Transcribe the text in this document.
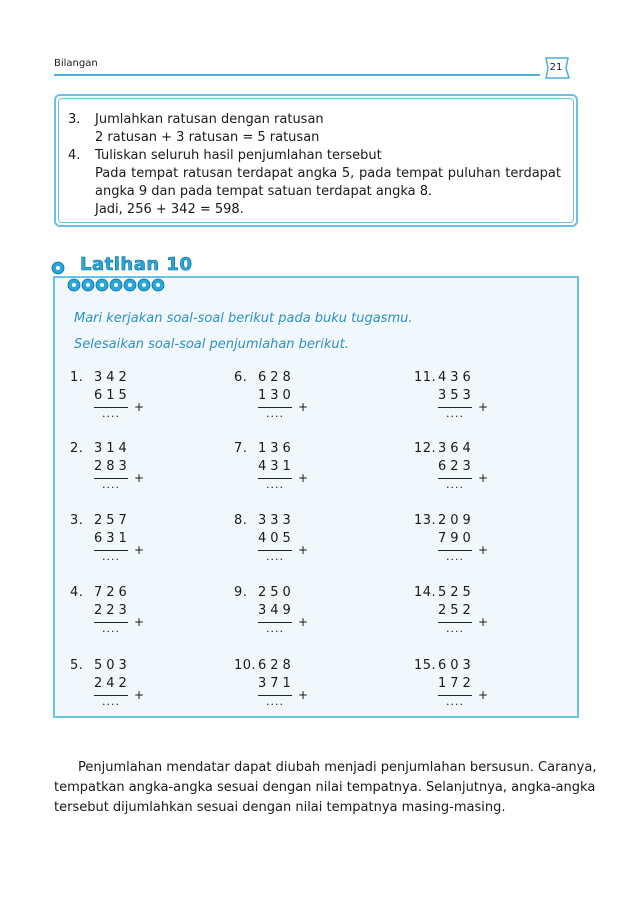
Bilangan	21
3. Jumlahkan ratusan dengan ratusan
2 ratusan + 3 ratusan = 5 ratusan
4. Tuliskan seluruh hasil penjumlahan tersebut
Pada tempat ratusan terdapat angka 5, pada tempat puluhan terdapat
angka 9 dan pada tempat satuan terdapat angka 8.
Jadi, 256 + 342 = 598.
Latihan 10
Mari kerjakan soal-soal berikut pada buku tugasmu.
Selesaikan soal-soal penjumlahan berikut.
1. 342
615
+
....
2. 314
283
+
....
3. 257
631
+
....
4. 726
223
+
....
5. 503
242
+
....
6. 628
130
+
....
7. 136
431
+
....
8. 333
405
+
....
9. 250
349
+
....
10. 628
371
+
....
11. 436
353
+
....
12. 364
623
+
....
13. 209
790
+
....
14. 525
252
+
....
15. 603
172
+
....
Penjumlahan mendatar dapat diubah menjadi penjumlahan bersusun. Caranya,
tempatkan angka-angka sesuai dengan nilai tempatnya. Selanjutnya, angka-angka
tersebut dijumlahkan sesuai dengan nilai tempatnya masing-masing.
